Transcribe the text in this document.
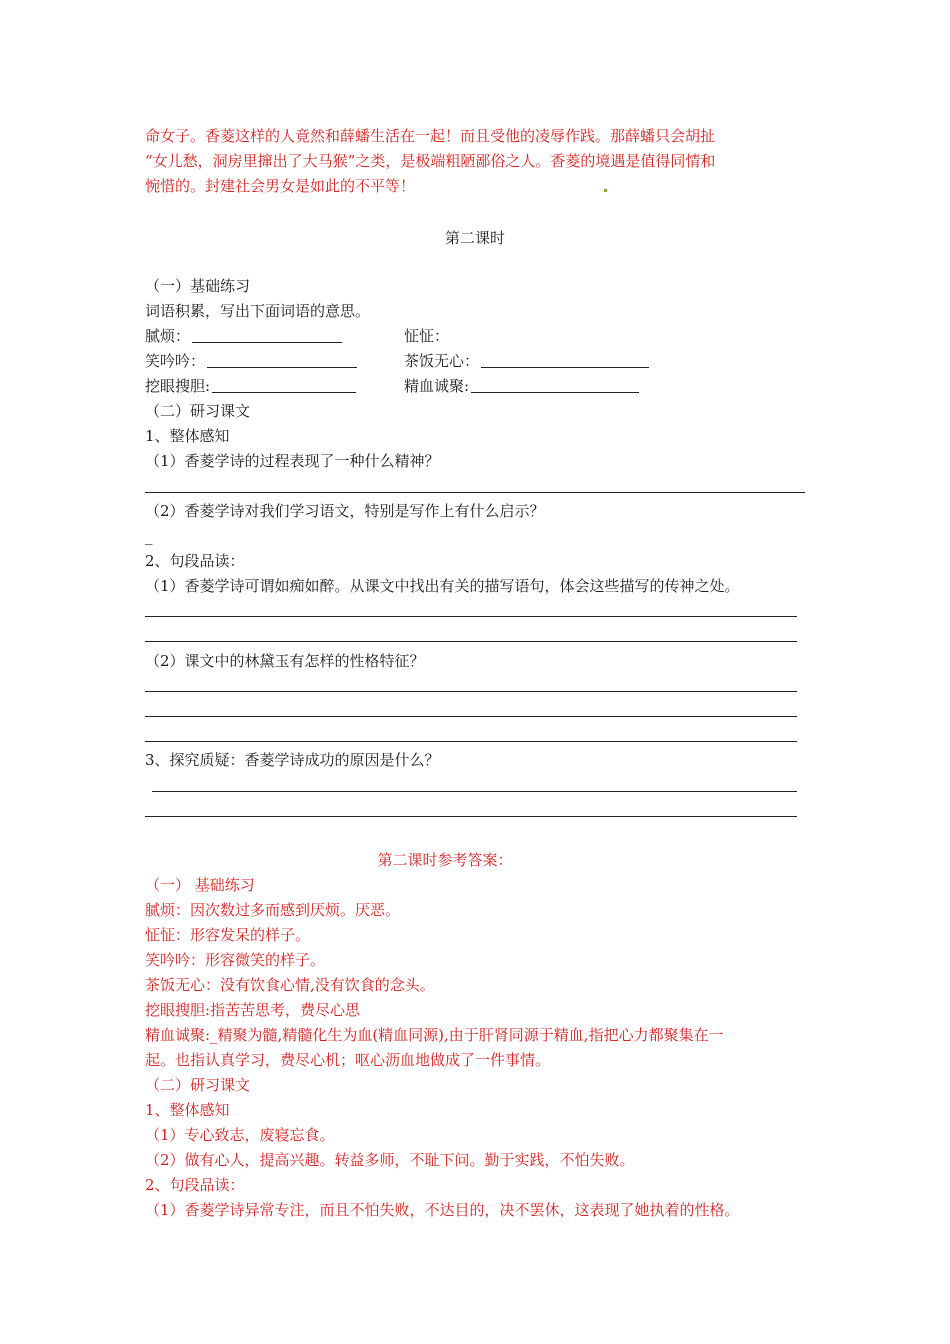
命女子。香菱这样的人竟然和薛蟠生活在一起！而且受他的凌辱作践。那薛蟠只会胡扯
“女儿愁，洞房里撺出了大马猴”之类，是极端粗陋鄙俗之人。香菱的境遇是值得同情和
惋惜的。封建社会男女是如此的不平等！
第二课时
（一）基础练习
词语积累，写出下面词语的意思。
腻烦：	怔怔：
笑吟吟：	茶饭无心：
挖眼搜胆:	精血诚聚:
（二）研习课文
1、整体感知
（1）香菱学诗的过程表现了一种什么精神？
（2）香菱学诗对我们学习语文，特别是写作上有什么启示？
_
2、句段品读：
（1）香菱学诗可谓如痴如醉。从课文中找出有关的描写语句，体会这些描写的传神之处。
（2）课文中的林黛玉有怎样的性格特征？
3、探究质疑：香菱学诗成功的原因是什么？
第二课时参考答案：
（一） 基础练习
腻烦：因次数过多而感到厌烦。厌恶。
怔怔：形容发呆的样子。
笑吟吟：形容微笑的样子。
茶饭无心：没有饮食心情,没有饮食的念头。
挖眼搜胆:指苦苦思考，费尽心思
精血诚聚:_精聚为髓,精髓化生为血(精血同源),由于肝肾同源于精血,指把心力都聚集在一
起。也指认真学习，费尽心机；呕心沥血地做成了一件事情。
（二）研习课文
1、整体感知
（1）专心致志，废寝忘食。
（2）做有心人，提高兴趣。转益多师，不耻下问。勤于实践，不怕失败。
2、句段品读：
（1）香菱学诗异常专注，而且不怕失败，不达目的，决不罢休，这表现了她执着的性格。
